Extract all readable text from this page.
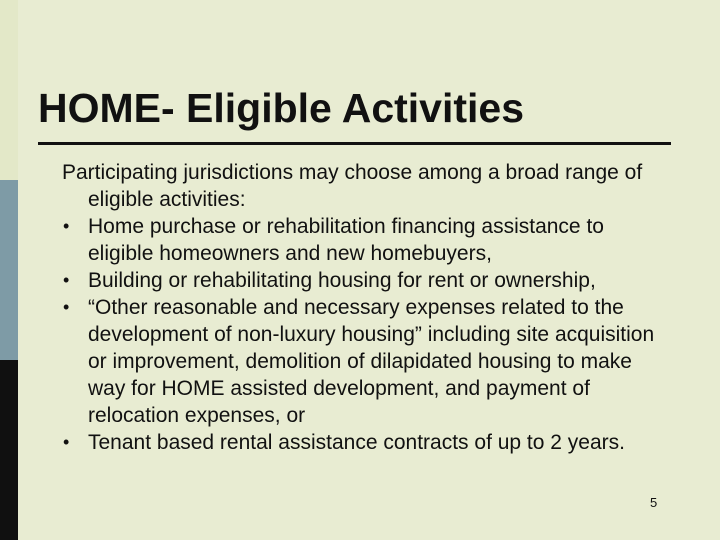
HOME- Eligible Activities

Participating jurisdictions may choose among a broad range of eligible activities:

• Home purchase or rehabilitation financing assistance to eligible homeowners and new homebuyers,
• Building or rehabilitating housing for rent or ownership,
• “Other reasonable and necessary expenses related to the development of non-luxury housing” including site acquisition or improvement, demolition of dilapidated housing to make way for HOME assisted development, and payment of relocation expenses, or
• Tenant based rental assistance contracts of up to 2 years.
5
